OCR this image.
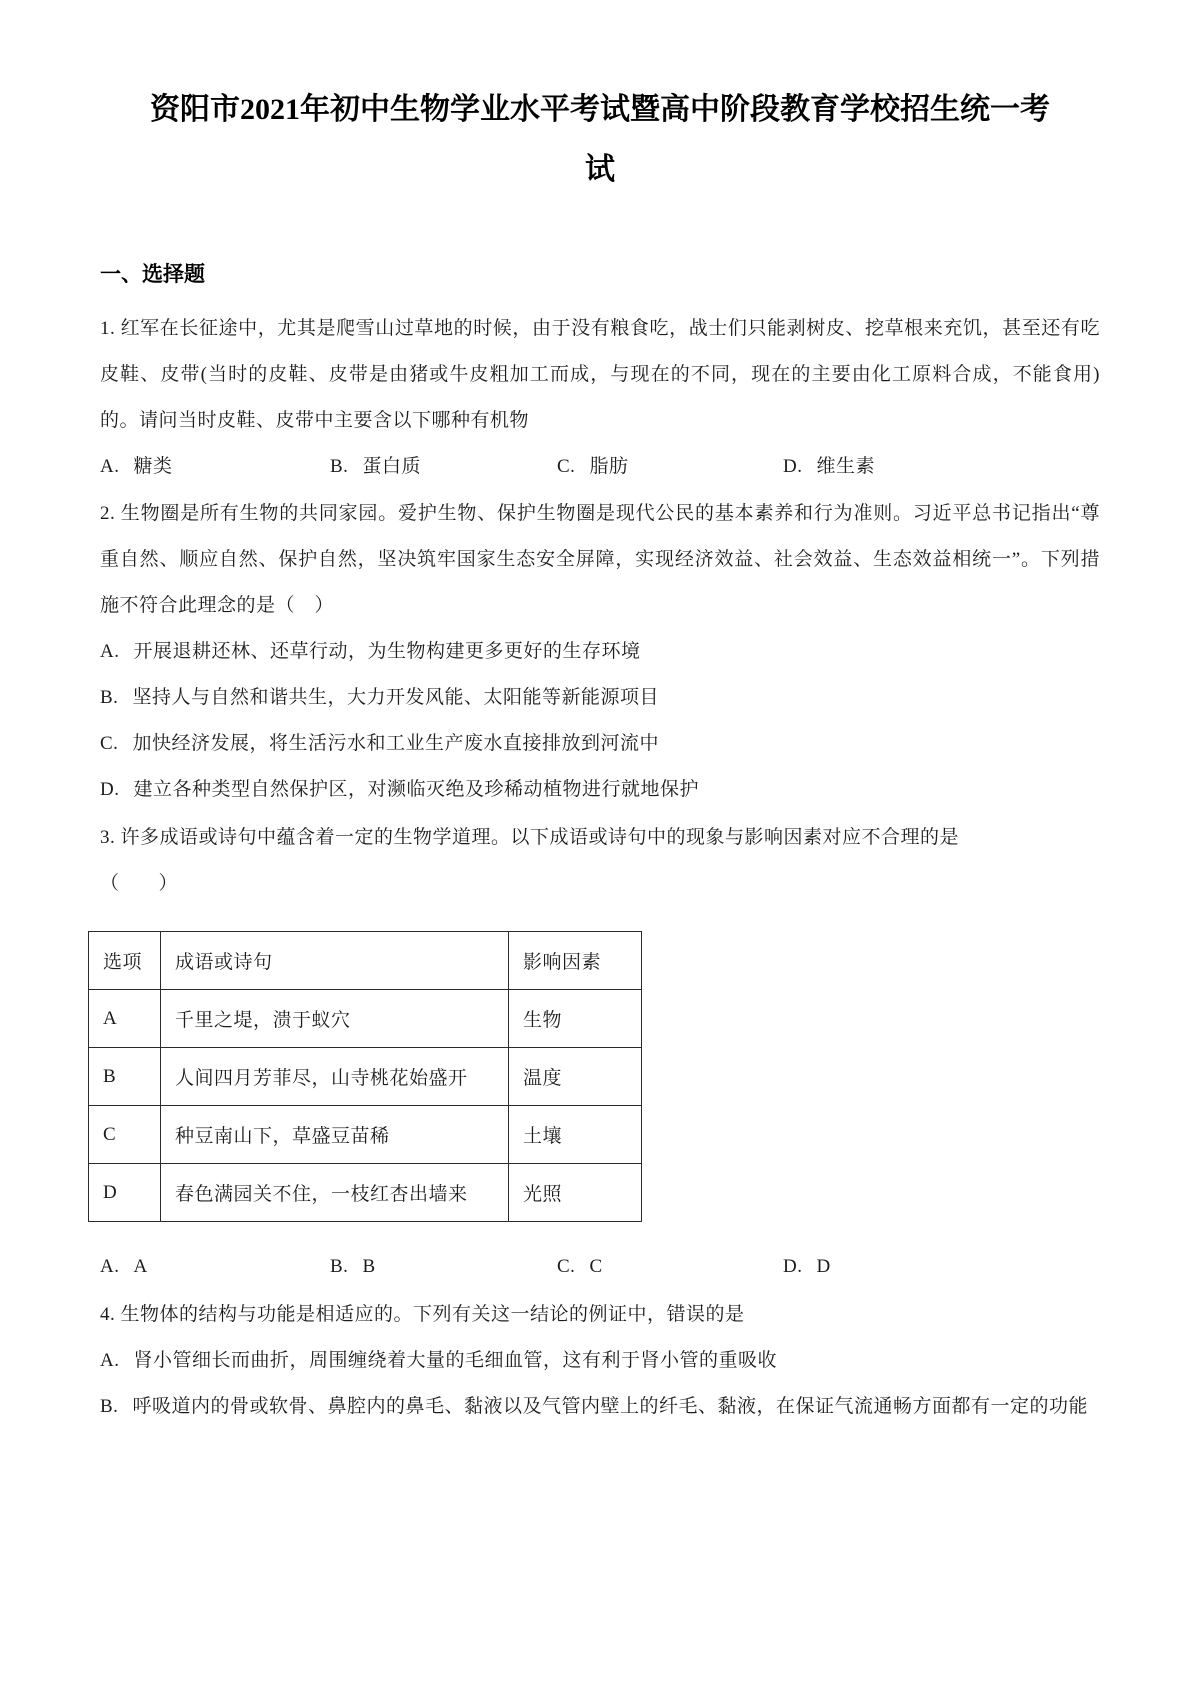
资阳市2021年初中生物学业水平考试暨高中阶段教育学校招生统一考
试
一、选择题

1. 红军在长征途中，尤其是爬雪山过草地的时候，由于没有粮食吃，战士们只能剥树皮、挖草根来充饥，甚至还有吃皮鞋、皮带(当时的皮鞋、皮带是由猪或牛皮粗加工而成，与现在的不同，现在的主要由化工原料合成，不能食用)的。请问当时皮鞋、皮带中主要含以下哪种有机物

A. 糖类	B. 蛋白质	C. 脂肪	D. 维生素

2. 生物圈是所有生物的共同家园。爱护生物、保护生物圈是现代公民的基本素养和行为准则。习近平总书记指出“尊重自然、顺应自然、保护自然，坚决筑牢国家生态安全屏障，实现经济效益、社会效益、生态效益相统一”。下列措施不符合此理念的是（　）

A. 开展退耕还林、还草行动，为生物构建更多更好的生存环境

B. 坚持人与自然和谐共生，大力开发风能、太阳能等新能源项目

C. 加快经济发展，将生活污水和工业生产废水直接排放到河流中

D. 建立各种类型自然保护区，对濒临灭绝及珍稀动植物进行就地保护

3. 许多成语或诗句中蕴含着一定的生物学道理。以下成语或诗句中的现象与影响因素对应不合理的是

（　　）

选项	成语或诗句	影响因素
A	千里之堤，溃于蚁穴	生物
B	人间四月芳菲尽，山寺桃花始盛开	温度
C	种豆南山下，草盛豆苗稀	土壤
D	春色满园关不住，一枝红杏出墙来	光照
A. A	B. B	C. C	D. D

4. 生物体的结构与功能是相适应的。下列有关这一结论的例证中，错误的是

A. 肾小管细长而曲折，周围缠绕着大量的毛细血管，这有利于肾小管的重吸收

B. 呼吸道内的骨或软骨、鼻腔内的鼻毛、黏液以及气管内壁上的纤毛、黏液，在保证气流通畅方面都有一定的功能
